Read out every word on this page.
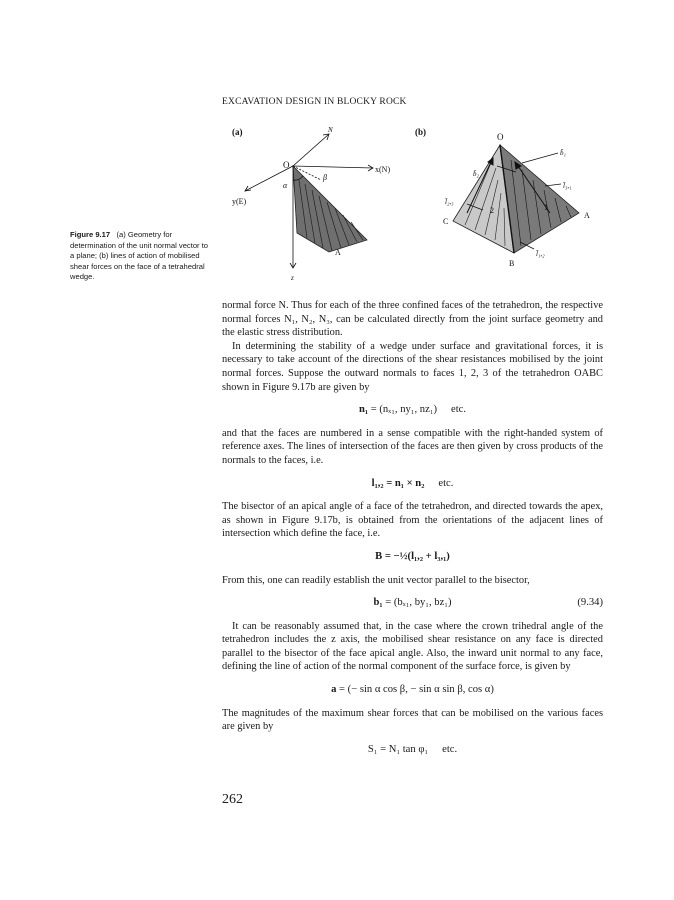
EXCAVATION DESIGN IN BLOCKY ROCK
(a)
O
N
x(N)
y(E)
z
α
β
A
(b)	O
A
B
C
1
2
b̄₁
b̄₂
l̄₃,₁
l̄₂,₃
l̄₁,₂
Figure 9.17 (a) Geometry for determination of the unit normal vector to a plane; (b) lines of action of mobilised shear forces on the face of a tetrahedral wedge.

normal force N. Thus for each of the three confined faces of the tetrahedron, the respective normal forces N₁, N₂, N₃, can be calculated directly from the joint surface geometry and the elastic stress distribution.

In determining the stability of a wedge under surface and gravitational forces, it is necessary to take account of the directions of the shear resistances mobilised by the joint normal forces. Suppose the outward normals to faces 1, 2, 3 of the tetrahedron OABC shown in Figure 9.17b are given by

n₁ = (nₓ₁, ny₁, nz₁) etc.

and that the faces are numbered in a sense compatible with the right-handed system of reference axes. The lines of intersection of the faces are then given by cross products of the normals to the faces, i.e.

l₁,₂ = n₁ × n₂ etc.

The bisector of an apical angle of a face of the tetrahedron, and directed towards the apex, as shown in Figure 9.17b, is obtained from the orientations of the adjacent lines of intersection which define the face, i.e.

B = −½(l₁,₂ + l₃,₁)

From this, one can readily establish the unit vector parallel to the bisector,

b₁ = (bₓ₁, by₁, bz₁)	(9.34)

It can be reasonably assumed that, in the case where the crown trihedral angle of the tetrahedron includes the z axis, the mobilised shear resistance on any face is directed parallel to the bisector of the face apical angle. Also, the inward unit normal to any face, defining the line of action of the normal component of the surface force, is given by

a = (− sin α cos β, − sin α sin β, cos α)

The magnitudes of the maximum shear forces that can be mobilised on the various faces are given by

S₁ = N₁ tan φ₁ etc.
262
